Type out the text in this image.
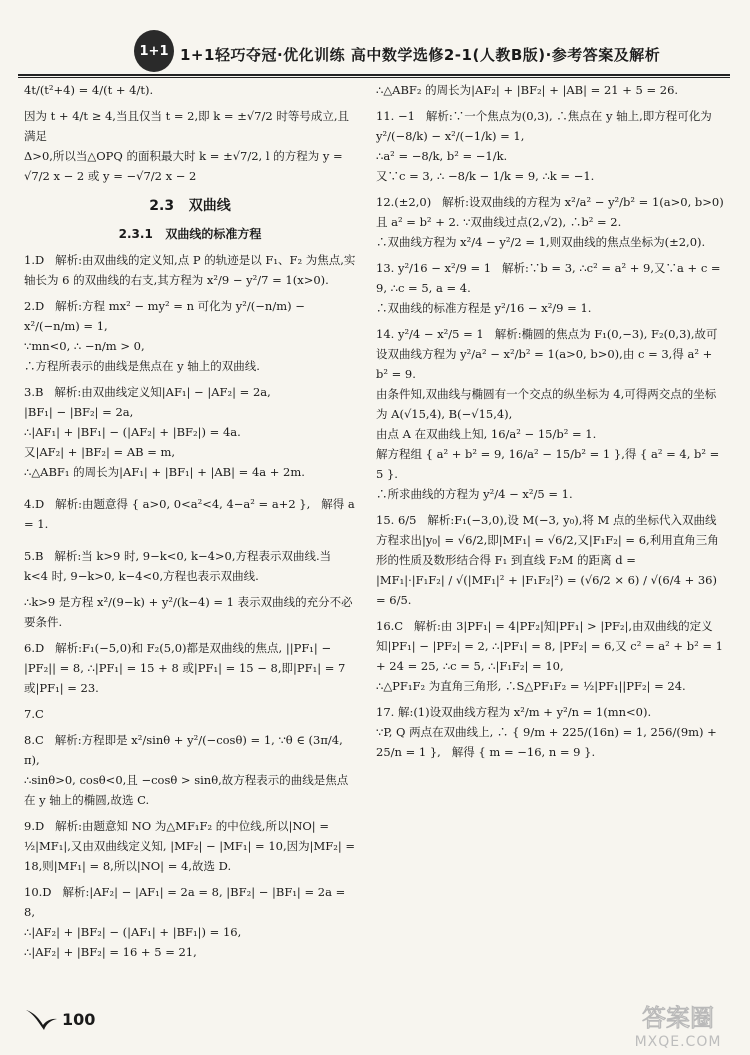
1+1 1+1轻巧夺冠·优化训练 高中数学选修2-1(人教B版)·参考答案及解析

4t/(t²+4) = 4/(t + 4/t).

因为 t + 4/t ≥ 4,当且仅当 t = 2,即 k = ±√7/2 时等号成立,且满足

Δ>0,所以当△OPQ 的面积最大时 k = ±√7/2, l 的方程为 y =

√7/2 x − 2 或 y = −√7/2 x − 2

2.3   双曲线

2.3.1   双曲线的标准方程

1.D   解析:由双曲线的定义知,点 P 的轨迹是以 F₁、F₂ 为焦点,实轴长为 6 的双曲线的右支,其方程为 x²/9 − y²/7 = 1(x>0).

2.D   解析:方程 mx² − my² = n 可化为 y²/(−n/m) − x²/(−n/m) = 1,

∵mn<0, ∴ −n/m > 0,

∴方程所表示的曲线是焦点在 y 轴上的双曲线.

3.B   解析:由双曲线定义知|AF₁| − |AF₂| = 2a,

|BF₁| − |BF₂| = 2a,

∴|AF₁| + |BF₁| − (|AF₂| + |BF₂|) = 4a.

又|AF₂| + |BF₂| = AB = m,

∴△ABF₁ 的周长为|AF₁| + |BF₁| + |AB| = 4a + 2m.

4.D   解析:由题意得 { a>0, 0<a²<4, 4−a² = a+2 },   解得 a = 1.

5.B   解析:当 k>9 时, 9−k<0, k−4>0,方程表示双曲线.当 k<4 时, 9−k>0, k−4<0,方程也表示双曲线.

∴k>9 是方程 x²/(9−k) + y²/(k−4) = 1 表示双曲线的充分不必要条件.

6.D   解析:F₁(−5,0)和 F₂(5,0)都是双曲线的焦点, ||PF₁| − |PF₂|| = 8, ∴|PF₁| = 15 + 8 或|PF₁| = 15 − 8,即|PF₁| = 7 或|PF₁| = 23.

7.C

8.C   解析:方程即是 x²/sinθ + y²/(−cosθ) = 1, ∵θ ∈ (3π/4, π),

∴sinθ>0, cosθ<0,且 −cosθ > sinθ,故方程表示的曲线是焦点在 y 轴上的椭圆,故选 C.

9.D   解析:由题意知 NO 为△MF₁F₂ 的中位线,所以|NO| = ½|MF₁|,又由双曲线定义知, |MF₂| − |MF₁| = 10,因为|MF₂| = 18,则|MF₁| = 8,所以|NO| = 4,故选 D.

10.D   解析:|AF₂| − |AF₁| = 2a = 8, |BF₂| − |BF₁| = 2a = 8,

∴|AF₂| + |BF₂| − (|AF₁| + |BF₁|) = 16,

∴|AF₂| + |BF₂| = 16 + 5 = 21,

∴△ABF₂ 的周长为|AF₂| + |BF₂| + |AB| = 21 + 5 = 26.

11. −1   解析:∵一个焦点为(0,3), ∴焦点在 y 轴上,即方程可化为 y²/(−8/k) − x²/(−1/k) = 1,

∴a² = −8/k, b² = −1/k.

又∵c = 3, ∴ −8/k − 1/k = 9, ∴k = −1.

12.(±2,0)   解析:设双曲线的方程为 x²/a² − y²/b² = 1(a>0, b>0)且 a² = b² + 2. ∵双曲线过点(2,√2), ∴b² = 2.

∴双曲线方程为 x²/4 − y²/2 = 1,则双曲线的焦点坐标为(±2,0).

13. y²/16 − x²/9 = 1   解析:∵b = 3, ∴c² = a² + 9,又∵a + c = 9, ∴c = 5, a = 4.

∴双曲线的标准方程是 y²/16 − x²/9 = 1.

14. y²/4 − x²/5 = 1   解析:椭圆的焦点为 F₁(0,−3), F₂(0,3),故可设双曲线方程为 y²/a² − x²/b² = 1(a>0, b>0),由 c = 3,得 a² + b² = 9.

由条件知,双曲线与椭圆有一个交点的纵坐标为 4,可得两交点的坐标为 A(√15,4), B(−√15,4),

由点 A 在双曲线上知, 16/a² − 15/b² = 1.

解方程组 { a² + b² = 9, 16/a² − 15/b² = 1 },得 { a² = 4, b² = 5 }.

∴所求曲线的方程为 y²/4 − x²/5 = 1.

15. 6/5   解析:F₁(−3,0),设 M(−3, y₀),将 M 点的坐标代入双曲线方程求出|y₀| = √6/2,即|MF₁| = √6/2,又|F₁F₂| = 6,利用直角三角形的性质及数形结合得 F₁ 到直线 F₂M 的距离 d =

|MF₁|·|F₁F₂| / √(|MF₁|² + |F₁F₂|²) = (√6/2 × 6) / √(6/4 + 36) = 6/5.

16.C   解析:由 3|PF₁| = 4|PF₂|知|PF₁| > |PF₂|,由双曲线的定义知|PF₁| − |PF₂| = 2, ∴|PF₁| = 8, |PF₂| = 6,又 c² = a² + b² = 1 + 24 = 25, ∴c = 5, ∴|F₁F₂| = 10,

∴△PF₁F₂ 为直角三角形, ∴S△PF₁F₂ = ½|PF₁||PF₂| = 24.

17. 解:(1)设双曲线方程为 x²/m + y²/n = 1(mn<0).

∵P, Q 两点在双曲线上, ∴ { 9/m + 225/(16n) = 1, 256/(9m) + 25/n = 1 },   解得 { m = −16, n = 9 }.

100	答案圈
MXQE.COM
